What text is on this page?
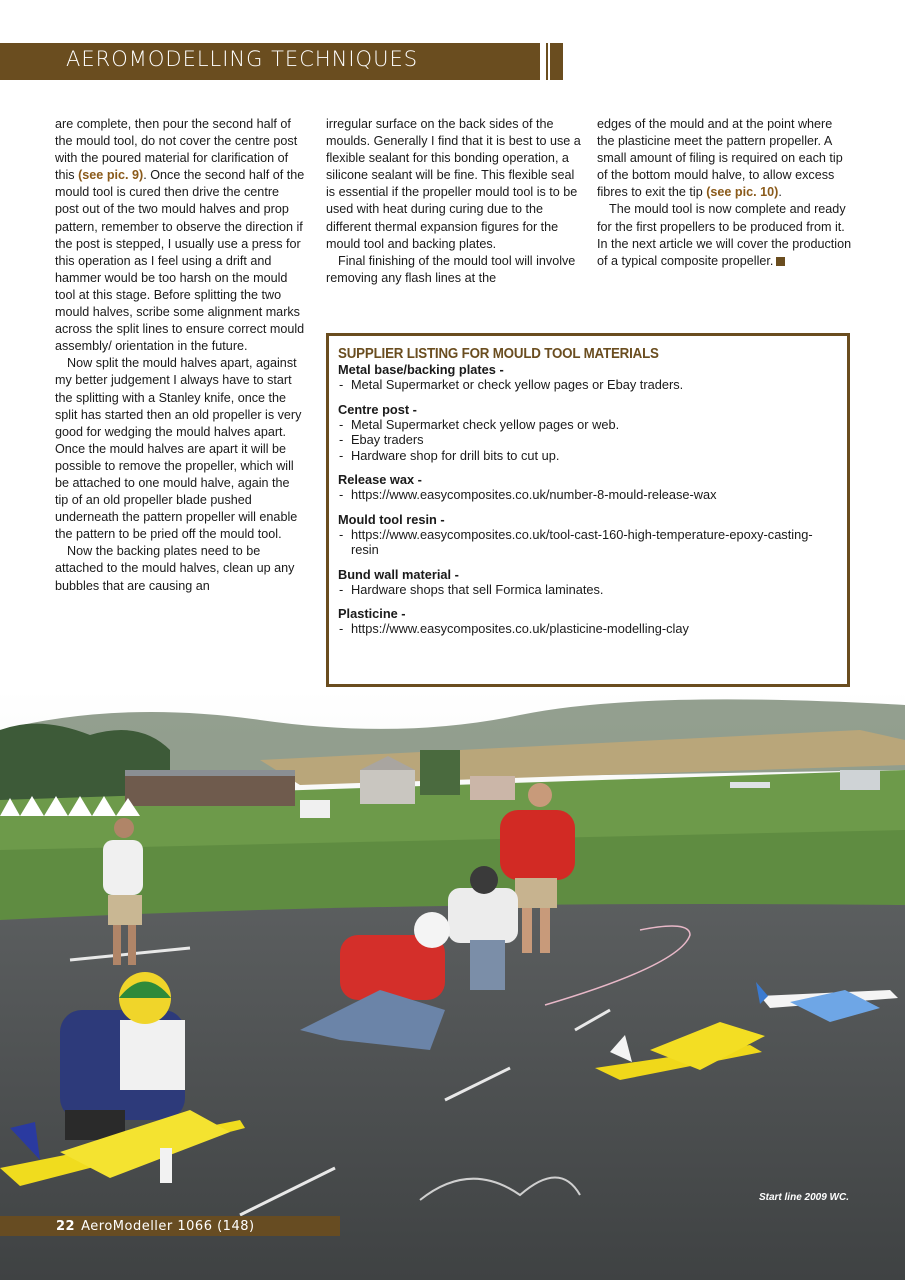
AEROMODELLING TECHNIQUES

are complete, then pour the second half of the mould tool, do not cover the centre post with the poured material for clarification of this (see pic. 9). Once the second half of the mould tool is cured then drive the centre post out of the two mould halves and prop pattern, remember to observe the direction if the post is stepped, I usually use a press for this operation as I feel using a drift and hammer would be too harsh on the mould tool at this stage. Before splitting the two mould halves, scribe some alignment marks across the split lines to ensure correct mould assembly/ orientation in the future.

Now split the mould halves apart, against my better judgement I always have to start the splitting with a Stanley knife, once the split has started then an old propeller is very good for wedging the mould halves apart. Once the mould halves are apart it will be possible to remove the propeller, which will be attached to one mould halve, again the tip of an old propeller blade pushed underneath the pattern propeller will enable the pattern to be pried off the mould tool.

Now the backing plates need to be attached to the mould halves, clean up any bubbles that are causing an

irregular surface on the back sides of the moulds. Generally I find that it is best to use a flexible sealant for this bonding operation, a silicone sealant will be fine. This flexible seal is essential if the propeller mould tool is to be used with heat during curing due to the different thermal expansion figures for the mould tool and backing plates.

Final finishing of the mould tool will involve removing any flash lines at the

edges of the mould and at the point where the plasticine meet the pattern propeller. A small amount of filing is required on each tip of the bottom mould halve, to allow excess fibres to exit the tip (see pic. 10).

The mould tool is now complete and ready for the first propellers to be produced from it. In the next article we will cover the production of a typical composite propeller.

SUPPLIER LISTING FOR MOULD TOOL MATERIALS
Metal base/backing plates -
- Metal Supermarket or check yellow pages or Ebay traders.
Centre post -
- Metal Supermarket check yellow pages or web.
- Ebay traders
- Hardware shop for drill bits to cut up.
Release wax -
- https://www.easycomposites.co.uk/number-8-mould-release-wax
Mould tool resin -
- https://www.easycomposites.co.uk/tool-cast-160-high-temperature-epoxy-casting-resin
Bund wall material -
- Hardware shops that sell Formica laminates.
Plasticine -
- https://www.easycomposites.co.uk/plasticine-modelling-clay
Start line 2009 WC.
22 AeroModeller 1066 (148)
